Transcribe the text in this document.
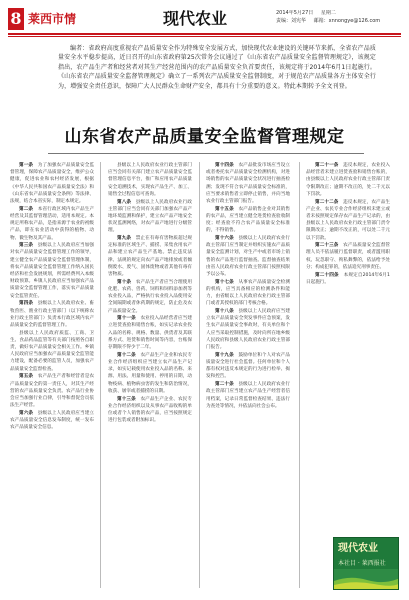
8 莱西市情	现代农业	2014年5月27日 星期二
责编：刘宪华 邮箱：xnnongye@126.com

编者：省政府高度重视农产品质量安全作为特殊安全发展方式，加快现代农业建设的关键环节来抓，全省农产品质量安全水平稳步提高，近日召开的山东省政府第25次常务会议通过了《山东省农产品质量安全监督管理规定》，该规定指出，农产品生产者和经营者对其生产经营范围内的农产品质量安全负首要责任，该规定将于2014年6月1日起施行。《山东省农产品质量安全监督管理规定》确立了一系列农产品质量安全监督制度，对于规范农产品质量各方主体安全行为，增强安全责任意识，保障广大人民群众生命财产安全，都具有十分重要的意义。特此本期转予全文刊登。

山东省农产品质量安全监督管理规定

第一条　 为了加强农产品质量安全监督管理，保障农产品质量安全，维护公众健康，促进农业和农村经济发展，根据《中华人民共和国农产品质量安全法》和《山东省农产品质量安全条例》等法律、法规，结合本省实际，制定本规定。

第二条　 本省行政区域内农产品生产经营及其监督管理活动，适用本规定。本规定所称农产品，是指来源于农业的初级产品，即在农业活动中获得的植物、动物、微生物及其产品。

第三条　 县级以上人民政府应当加强对农产品质量安全监督管理工作的领导，建立健全农产品质量安全监督管理体制，将农产品质量安全监督管理工作纳入国民经济和社会发展规划，所需经费列入本级财政预算。乡镇人民政府应当加强农产品质量安全监督管理工作，落实农产品质量安全监管责任。

第四条　 县级以上人民政府农业、畜牧兽医、渔业行政主管部门（以下统称农业行政主管部门）负责本行政区域内农产品质量安全的监督管理工作。

县级以上人民政府质监、工商、卫生、食品药品监管等有关部门按照各自职责，做好农产品质量安全相关工作。乡镇人民政府应当加强农产品质量安全监管能力建设，配备必要的监管人员，加强农产品质量安全监督检查。

第五条　 农产品生产者和经营者是农产品质量安全的第一责任人，对其生产经营的农产品质量安全负责。农产品行业协会应当加强行业自律，引导和督促会员依法生产经营。

第六条　 县级以上人民政府应当建立农产品质量安全信息发布制度，统一发布农产品质量安全信息。

县级以上人民政府农业行政主管部门应当会同有关部门建立农产品质量安全监督管理信息平台，推广和应用农产品质量安全追溯技术，实现农产品生产、加工、销售全过程信息可查询。

第八条　 县级以上人民政府农业行政主管部门应当会同有关部门加强农产品产地环境监测和保护，建立农产品产地安全状况监测网络，对农产品产地进行分级管理。

第九条　 禁止在有毒有害物质超过规定标准的区域生产、捕捞、采集食用农产品和建立农产品生产基地。禁止违反法律、法规的规定向农产品产地排放或者倾倒废水、废气、固体废物或者其他有毒有害物质。

第十条　 农产品生产者应当合理使用化肥、农药、兽药、饲料和饲料添加剂等农业投入品，严格执行农业投入品使用安全间隔期或者休药期的规定，防止危及农产品质量安全。

第十一条　 农业投入品经营者应当建立进货查验和销售台账，如实记录农业投入品的名称、规格、数量、供货者及其联系方式、进货和销售时间等内容，台账保存期限不得少于二年。

第十二条　 农产品生产企业和农民专业合作经济组织应当建立农产品生产记录，如实记载使用农业投入品的名称、来源、用法、用量和使用、停用的日期，动物疫病、植物病虫害的发生和防治情况，收获、屠宰或者捕捞的日期。

第十三条　 农产品生产企业、农民专业合作经济组织以及从事农产品收购的单位或者个人销售的农产品，应当按照规定进行包装或者附加标识。

第十四条　 农产品批发市场应当设立或者委托农产品质量安全检测机构，对进场销售的农产品质量安全状况进行抽查检测；发现不符合农产品质量安全标准的，应当要求销售者立即停止销售，并向当地农业行政主管部门报告。

第十五条　 农产品销售企业对其销售的农产品，应当建立健全进货检查验收制度；经查验不符合农产品质量安全标准的，不得销售。

第十六条　 县级以上人民政府农业行政主管部门应当制定并组织实施农产品质量安全监测计划，对生产中或者市场上销售的农产品进行监督抽查。监督抽查结果由省人民政府农业行政主管部门按照权限予以公布。

第十七条　 从事农产品质量安全检测的机构，应当具备相应的检测条件和能力，由省级以上人民政府农业行政主管部门或者其授权的部门考核合格。

第十八条　 县级以上人民政府应当建立农产品质量安全突发事件应急预案，发生农产品质量安全事故时，有关单位和个人应当采取控制措施，及时向所在地乡级人民政府和县级人民政府农业行政主管部门报告。

第十九条　 鼓励单位和个人对农产品质量安全进行社会监督。任何单位和个人都有权对违反本规定的行为进行检举、揭发和控告。

第二十条　 县级以上人民政府农业行政主管部门应当建立农产品生产经营者信用档案，记录日常监督检查结果、违法行为查处等情况，并依法向社会公布。

第二十一条　 违反本规定，农业投入品经营者未建立进货查验和销售台账的，由县级以上人民政府农业行政主管部门责令限期改正；逾期不改正的，处二千元以下罚款。

第二十二条　 违反本规定，农产品生产企业、农民专业合作经济组织未建立或者未按照规定保存农产品生产记录的，由县级以上人民政府农业行政主管部门责令限期改正；逾期不改正的，可以处二千元以下罚款。

第二十三条　 农产品质量安全监督管理人员不依法履行监督职责，或者滥用职权、玩忽职守、徇私舞弊的，依法给予处分；构成犯罪的，依法追究刑事责任。

第二十四条　 本规定自2014年6月1日起施行。

现代农业
本社目 · 莱西报社
